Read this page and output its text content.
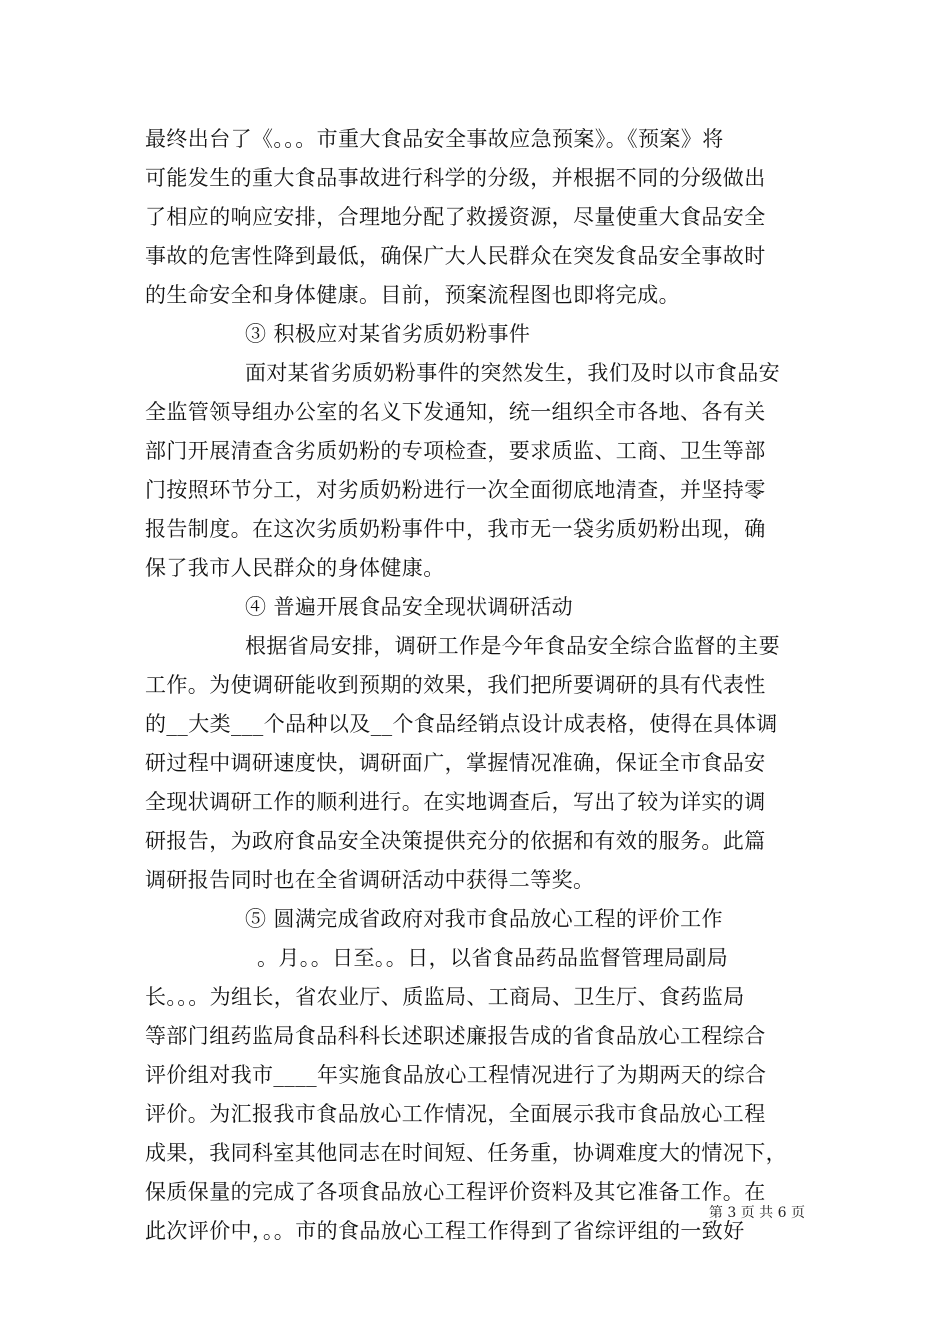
最终出台了《。。。市重大食品安全事故应急预案》。《预案》将
可能发生的重大食品事故进行科学的分级，并根据不同的分级做出
了相应的响应安排，合理地分配了救援资源，尽量使重大食品安全
事故的危害性降到最低，确保广大人民群众在突发食品安全事故时
的生命安全和身体健康。目前，预案流程图也即将完成。
③ 积极应对某省劣质奶粉事件
面对某省劣质奶粉事件的突然发生，我们及时以市食品安
全监管领导组办公室的名义下发通知，统一组织全市各地、各有关
部门开展清查含劣质奶粉的专项检查，要求质监、工商、卫生等部
门按照环节分工，对劣质奶粉进行一次全面彻底地清查，并坚持零
报告制度。在这次劣质奶粉事件中，我市无一袋劣质奶粉出现，确
保了我市人民群众的身体健康。
④ 普遍开展食品安全现状调研活动
根据省局安排，调研工作是今年食品安全综合监督的主要
工作。为使调研能收到预期的效果，我们把所要调研的具有代表性
的__大类___个品种以及__个食品经销点设计成表格，使得在具体调
研过程中调研速度快，调研面广，掌握情况准确，保证全市食品安
全现状调研工作的顺利进行。在实地调查后，写出了较为详实的调
研报告，为政府食品安全决策提供充分的依据和有效的服务。此篇
调研报告同时也在全省调研活动中获得二等奖。
⑤ 圆满完成省政府对我市食品放心工程的评价工作
。月。。日至。。日，以省食品药品监督管理局副局
长。。。为组长，省农业厅、质监局、工商局、卫生厅、食药监局
等部门组药监局食品科科长述职述廉报告成的省食品放心工程综合
评价组对我市____年实施食品放心工程情况进行了为期两天的综合
评价。为汇报我市食品放心工作情况，全面展示我市食品放心工程
成果，我同科室其他同志在时间短、任务重，协调难度大的情况下，
保质保量的完成了各项食品放心工程评价资料及其它准备工作。在
此次评价中，。。市的食品放心工程工作得到了省综评组的一致好
第 3 页 共 6 页
